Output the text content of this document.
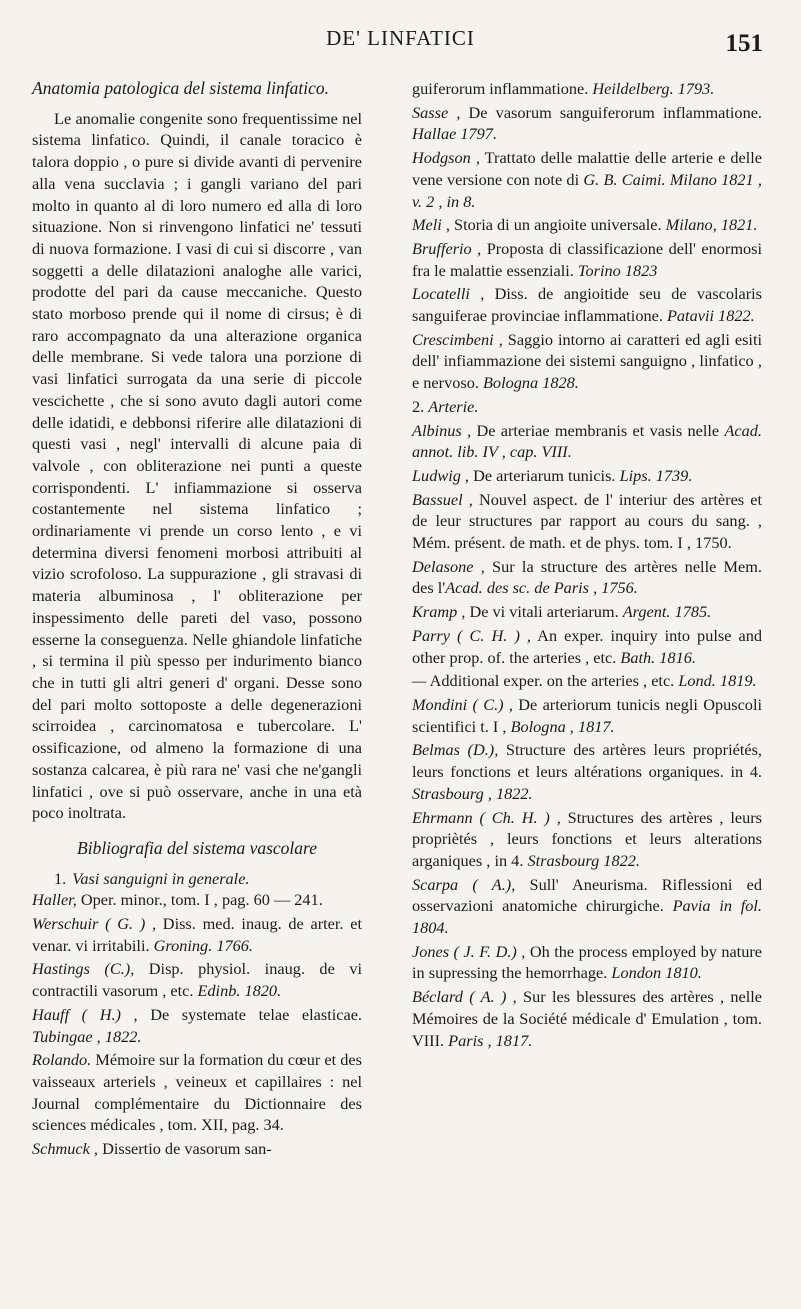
DE' LINFATICI	151
Anatomia patologica del sistema linfatico.

Le anomalie congenite sono frequentissime nel sistema linfatico. Quindi, il canale toracico è talora doppio , o pure si divide avanti di pervenire alla vena succlavia ; i gangli variano del pari molto in quanto al di loro numero ed alla di loro situazione. Non si rinvengono linfatici ne' tessuti di nuova formazione. I vasi di cui si discorre , van soggetti a delle dilatazioni analoghe alle varici, prodotte del pari da cause meccaniche. Questo stato morboso prende qui il nome di cirsus; è di raro accompagnato da una alterazione organica delle membrane. Si vede talora una porzione di vasi linfatici surrogata da una serie di piccole vescichette , che si sono avuto dagli autori come delle idatidi, e debbonsi riferire alle dilatazioni di questi vasi , negl' intervalli di alcune paia di valvole , con obliterazione nei punti a queste corrispondenti. L' infiammazione si osserva costantemente nel sistema linfatico ; ordinariamente vi prende un corso lento , e vi determina diversi fenomeni morbosi attribuiti al vizio scrofoloso. La suppurazione , gli stravasi di materia albuminosa , l' obliterazione per inspessimento delle pareti del vaso, possono esserne la conseguenza. Nelle ghiandole linfatiche , si termina il più spesso per indurimento bianco che in tutti gli altri generi d' organi. Desse sono del pari molto sottoposte a delle degenerazioni scirroidea , carcinomatosa e tubercolare. L' ossificazione, od almeno la formazione di una sostanza calcarea, è più rara ne' vasi che ne'gangli linfatici , ove si può osservare, anche in una età poco inoltrata.

Bibliografia del sistema vascolare

1. Vasi sanguigni in generale.

Haller, Oper. minor., tom. I , pag. 60 — 241.

Werschuir ( G. ) , Diss. med. inaug. de arter. et venar. vi irritabili. Groning. 1766.

Hastings (C.), Disp. physiol. inaug. de vi contractili vasorum , etc. Edinb. 1820.

Hauff ( H.) , De systemate telae elasticae. Tubingae , 1822.

Rolando. Mémoire sur la formation du cœur et des vaisseaux arteriels , veineux et capillaires : nel Journal complémentaire du Dictionnaire des sciences médicales , tom. XII, pag. 34.

Schmuck , Dissertio de vasorum san-

guiferorum inflammatione. Heildelberg. 1793.

Sasse , De vasorum sanguiferorum inflammatione. Hallae 1797.

Hodgson , Trattato delle malattie delle arterie e delle vene versione con note di G. B. Caimi. Milano 1821 , v. 2 , in 8.

Meli , Storia di un angioite universale. Milano, 1821.

Brufferio , Proposta di classificazione dell' enormosi fra le malattie essenziali. Torino 1823

Locatelli , Diss. de angioitide seu de vascolaris sanguiferae provinciae inflammatione. Patavii 1822.

Crescimbeni , Saggio intorno ai caratteri ed agli esiti dell' infiammazione dei sistemi sanguigno , linfatico , e nervoso. Bologna 1828.

2. Arterie.

Albinus , De arteriae membranis et vasis nelle Acad. annot. lib. IV , cap. VIII.

Ludwig , De arteriarum tunicis. Lips. 1739.

Bassuel , Nouvel aspect. de l' interiur des artères et de leur structures par rapport au cours du sang. , Mém. présent. de math. et de phys. tom. I , 1750.

Delasone , Sur la structure des artères nelle Mem. des l'Acad. des sc. de Paris , 1756.

Kramp , De vi vitali arteriarum. Argent. 1785.

Parry ( C. H. ) , An exper. inquiry into pulse and other prop. of. the arteries , etc. Bath. 1816.

— Additional exper. on the arteries , etc. Lond. 1819.

Mondini ( C.) , De arteriorum tunicis negli Opuscoli scientifici t. I , Bologna , 1817.

Belmas (D.), Structure des artères leurs propriétés, leurs fonctions et leurs altérations organiques. in 4. Strasbourg , 1822.

Ehrmann ( Ch. H. ) , Structures des artères , leurs propriètés , leurs fonctions et leurs alterations arganiques , in 4. Strasbourg 1822.

Scarpa ( A.), Sull' Aneurisma. Riflessioni ed osservazioni anatomiche chirurgiche. Pavia in fol. 1804.

Jones ( J. F. D.) , Oh the process employed by nature in supressing the hemorrhage. London 1810.

Béclard ( A. ) , Sur les blessures des artères , nelle Mémoires de la Société médicale d' Emulation , tom. VIII. Paris , 1817.
